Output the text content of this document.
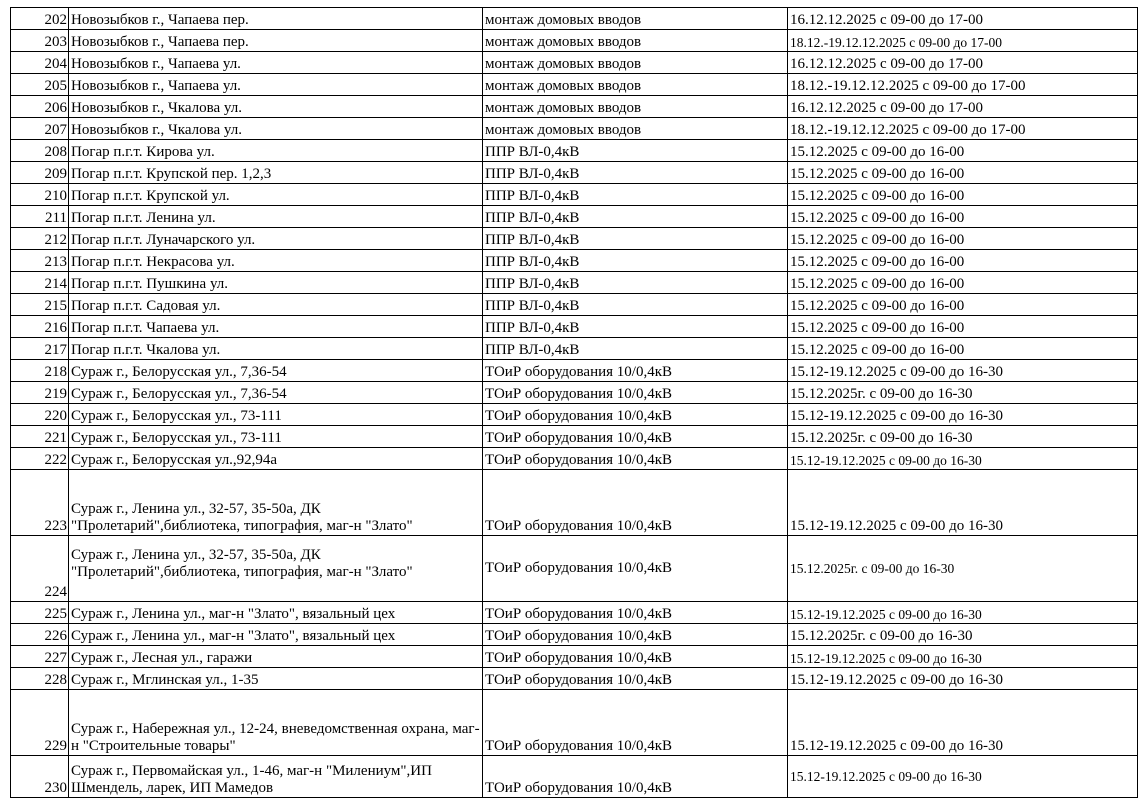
202	Новозыбков г., Чапаева пер.	монтаж домовых вводов	16.12.12.2025 с 09-00 до 17-00
203	Новозыбков г., Чапаева пер.	монтаж домовых вводов	18.12.-19.12.12.2025 с 09-00 до 17-00
204	Новозыбков г., Чапаева ул.	монтаж домовых вводов	16.12.12.2025 с 09-00 до 17-00
205	Новозыбков г., Чапаева ул.	монтаж домовых вводов	18.12.-19.12.12.2025 с 09-00 до 17-00
206	Новозыбков г., Чкалова ул.	монтаж домовых вводов	16.12.12.2025 с 09-00 до 17-00
207	Новозыбков г., Чкалова ул.	монтаж домовых вводов	18.12.-19.12.12.2025 с 09-00 до 17-00
208	Погар п.г.т. Кирова ул.	ППР ВЛ-0,4кВ	15.12.2025 с 09-00 до 16-00
209	Погар п.г.т. Крупской пер. 1,2,3	ППР ВЛ-0,4кВ	15.12.2025 с 09-00 до 16-00
210	Погар п.г.т. Крупской ул.	ППР ВЛ-0,4кВ	15.12.2025 с 09-00 до 16-00
211	Погар п.г.т. Ленина ул.	ППР ВЛ-0,4кВ	15.12.2025 с 09-00 до 16-00
212	Погар п.г.т. Луначарского ул.	ППР ВЛ-0,4кВ	15.12.2025 с 09-00 до 16-00
213	Погар п.г.т. Некрасова ул.	ППР ВЛ-0,4кВ	15.12.2025 с 09-00 до 16-00
214	Погар п.г.т. Пушкина ул.	ППР ВЛ-0,4кВ	15.12.2025 с 09-00 до 16-00
215	Погар п.г.т. Садовая ул.	ППР ВЛ-0,4кВ	15.12.2025 с 09-00 до 16-00
216	Погар п.г.т. Чапаева ул.	ППР ВЛ-0,4кВ	15.12.2025 с 09-00 до 16-00
217	Погар п.г.т. Чкалова ул.	ППР ВЛ-0,4кВ	15.12.2025 с 09-00 до 16-00
218	Сураж г., Белорусская ул., 7,36-54	ТОиР оборудования 10/0,4кВ	15.12-19.12.2025 с 09-00 до 16-30
219	Сураж г., Белорусская ул., 7,36-54	ТОиР оборудования 10/0,4кВ	15.12.2025г. с 09-00 до 16-30
220	Сураж г., Белорусская ул., 73-111	ТОиР оборудования 10/0,4кВ	15.12-19.12.2025 с 09-00 до 16-30
221	Сураж г., Белорусская ул., 73-111	ТОиР оборудования 10/0,4кВ	15.12.2025г. с 09-00 до 16-30
222	Сураж г., Белорусская ул.,92,94а	ТОиР оборудования 10/0,4кВ	15.12-19.12.2025 с 09-00 до 16-30
223	Сураж г., Ленина ул., 32-57, 35-50а, ДК "Пролетарий",библиотека, типография, маг-н "Злато"	ТОиР оборудования 10/0,4кВ	15.12-19.12.2025 с 09-00 до 16-30
224	Сураж г., Ленина ул., 32-57, 35-50а, ДК "Пролетарий",библиотека, типография, маг-н "Злато"	ТОиР оборудования 10/0,4кВ	15.12.2025г. с 09-00 до 16-30
225	Сураж г., Ленина ул., маг-н "Злато", вязальный цех	ТОиР оборудования 10/0,4кВ	15.12-19.12.2025 с 09-00 до 16-30
226	Сураж г., Ленина ул., маг-н "Злато", вязальный цех	ТОиР оборудования 10/0,4кВ	15.12.2025г. с 09-00 до 16-30
227	Сураж г., Лесная ул., гаражи	ТОиР оборудования 10/0,4кВ	15.12-19.12.2025 с 09-00 до 16-30
228	Сураж г., Мглинская ул., 1-35	ТОиР оборудования 10/0,4кВ	15.12-19.12.2025 с 09-00 до 16-30
229	Сураж г., Набережная ул., 12-24, вневедомственная охрана, маг-н "Строительные товары"	ТОиР оборудования 10/0,4кВ	15.12-19.12.2025 с 09-00 до 16-30
230	Сураж г., Первомайская ул., 1-46, маг-н "Милениум",ИП Шмендель, ларек, ИП Мамедов	ТОиР оборудования 10/0,4кВ	15.12-19.12.2025 с 09-00 до 16-30
